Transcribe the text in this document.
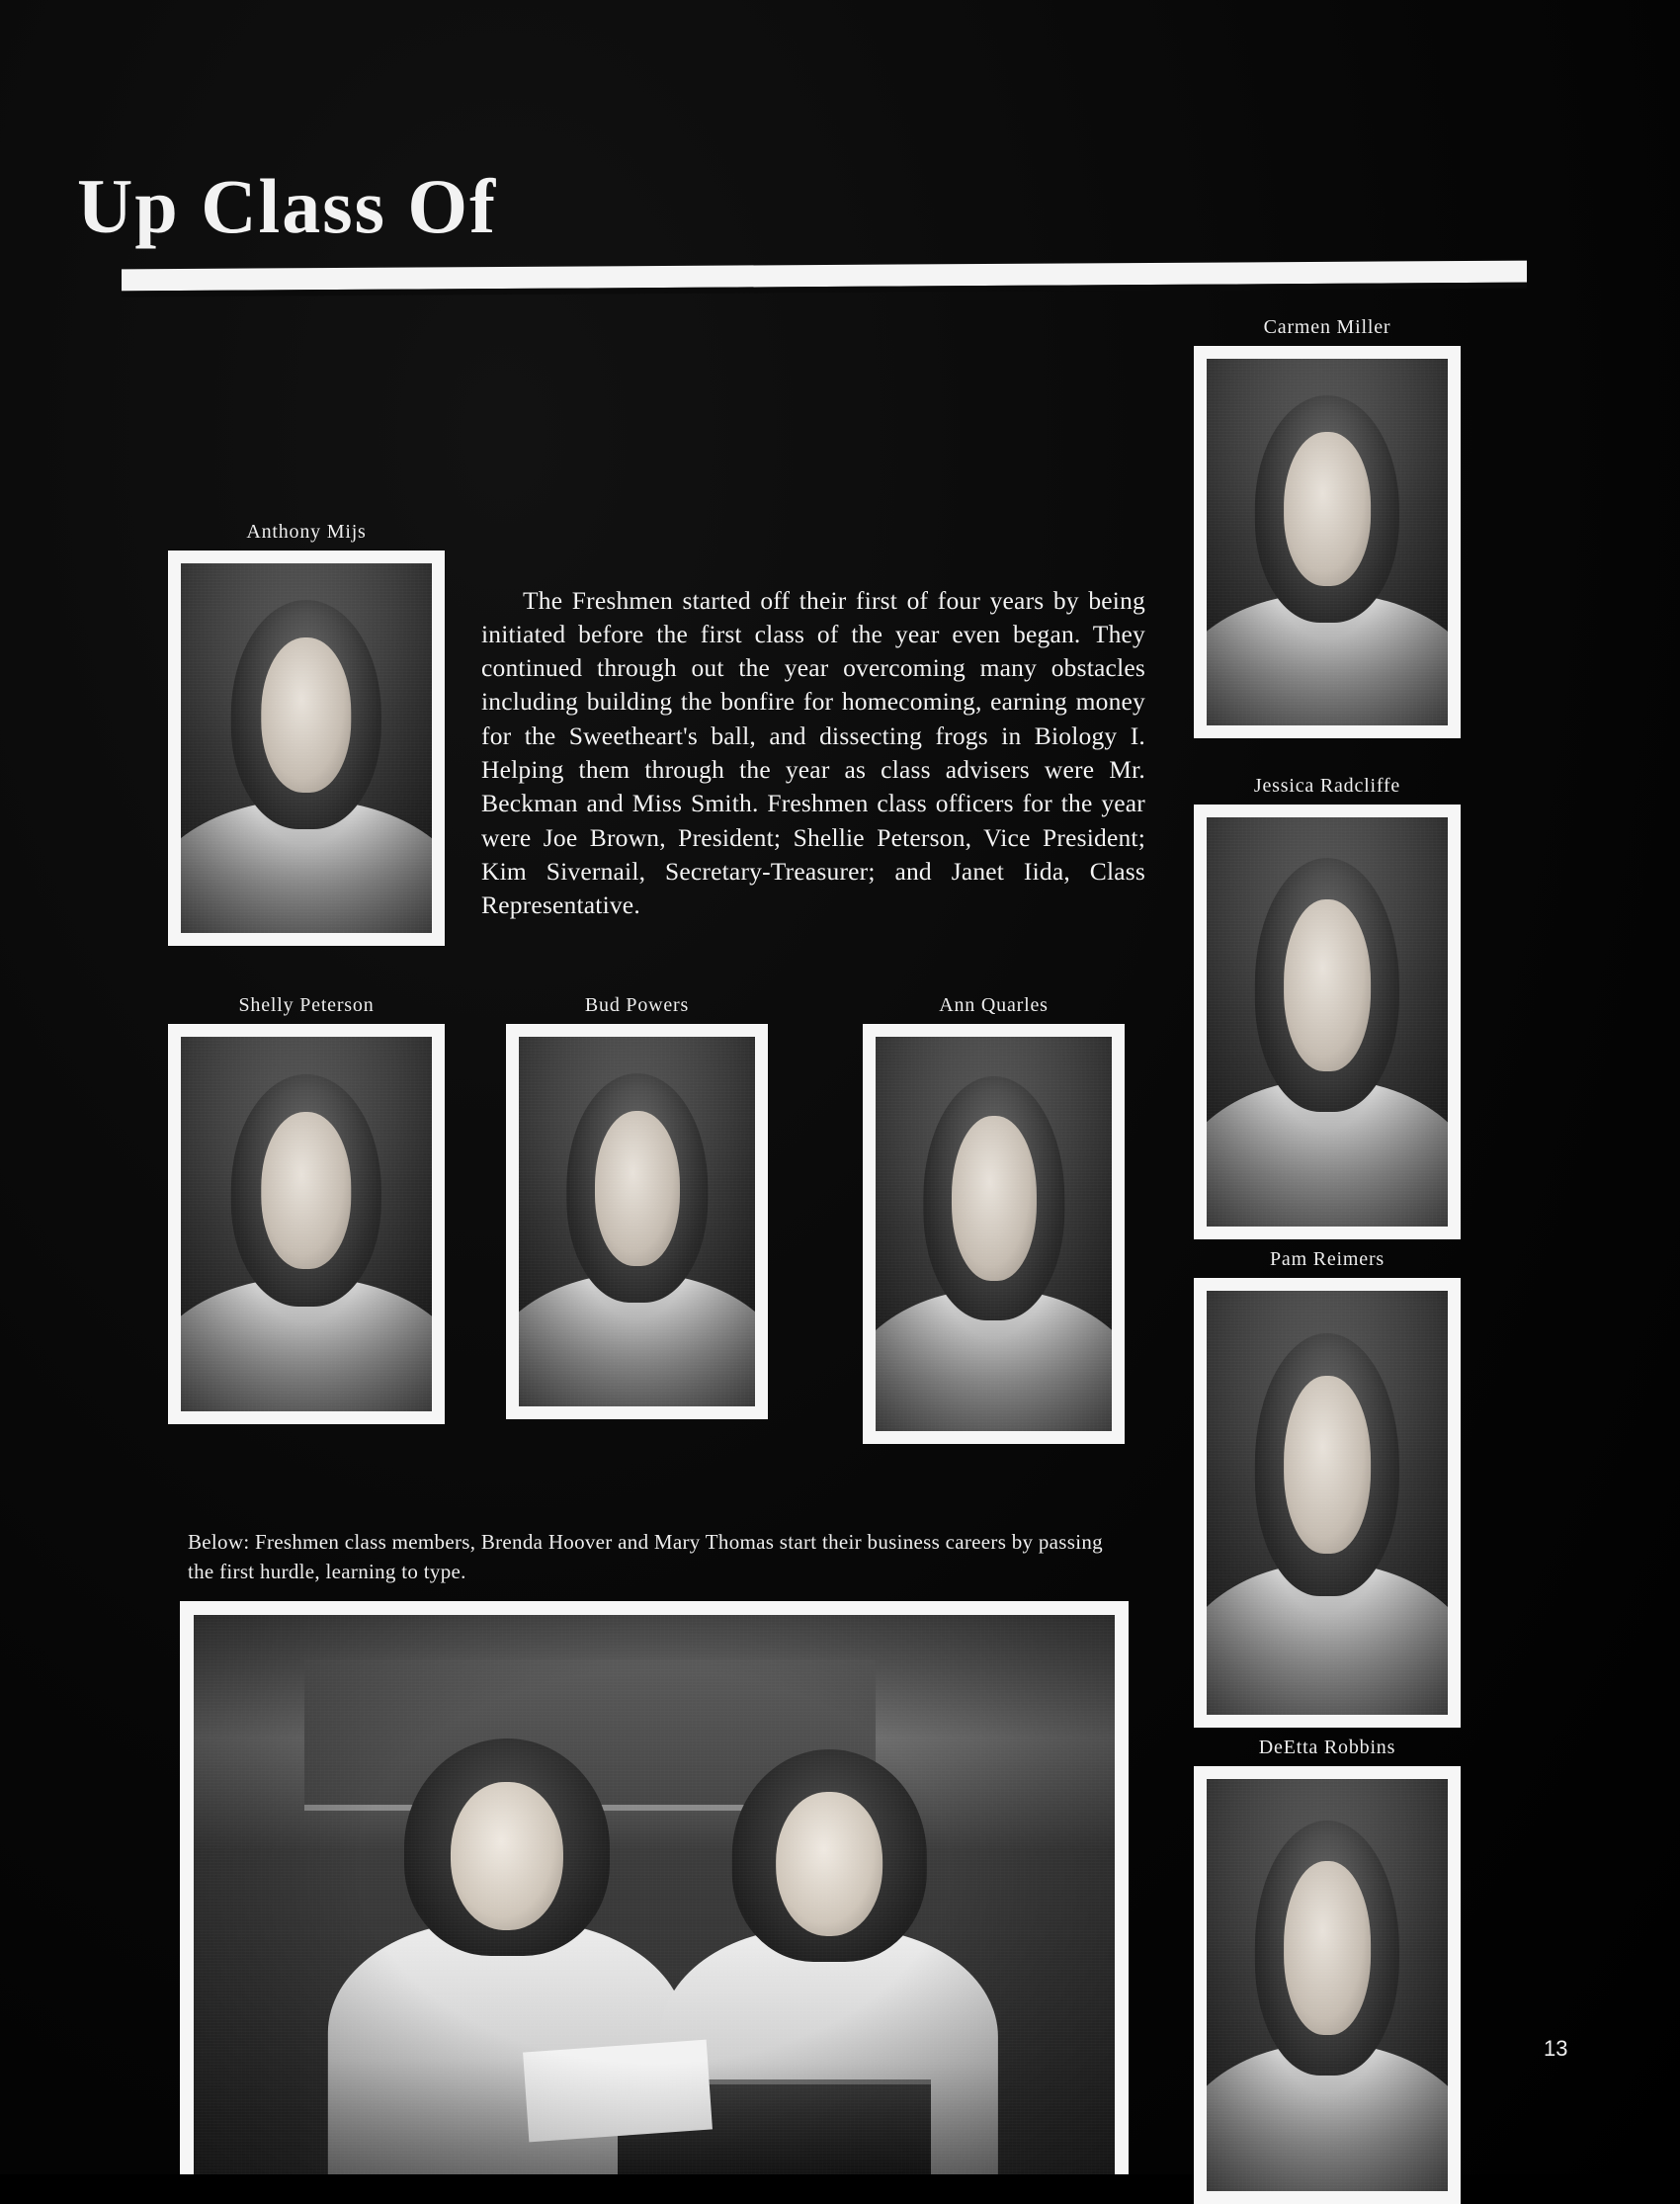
Up Class Of
Anthony Mijs

The Freshmen started off their first of four years by being initiated before the first class of the year even began. They continued through out the year overcoming many obstacles including building the bonfire for homecoming, earning money for the Sweetheart's ball, and dissecting frogs in Biology I. Helping them through the year as class advisers were Mr. Beckman and Miss Smith. Freshmen class officers for the year were Joe Brown, President; Shellie Peterson, Vice President; Kim Sivernail, Secretary-Treasurer; and Janet Iida, Class Representative.

Shelly Peterson	Bud Powers	Ann Quarles
Carmen Miller
Jessica Radcliffe
Pam Reimers
DeEtta Robbins

Below: Freshmen class members, Brenda Hoover and Mary Thomas start their business careers by passing the first hurdle, learning to type.

13
